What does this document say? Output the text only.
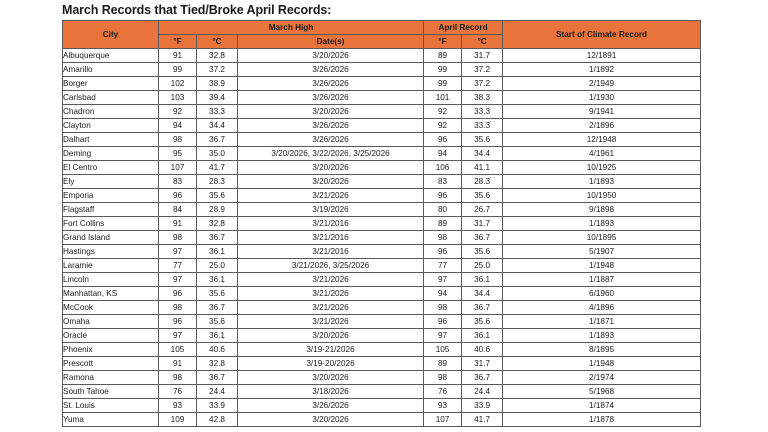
March Records that Tied/Broke April Records:
City	March High			April Record		Start of Climate Record
	°F	°C	Date(s)	°F	°C	
Albuquerque	91	32.8	3/20/2026	89	31.7	12/1891
Amarillo	99	37.2	3/26/2026	99	37.2	1/1892
Borger	102	38.9	3/26/2026	99	37.2	2/1949
Carlsbad	103	39.4	3/26/2026	101	38.3	1/1930
Chadron	92	33.3	3/20/2026	92	33.3	9/1941
Clayton	94	34.4	3/26/2026	92	33.3	2/1896
Dalhart	98	36.7	3/26/2026	96	35.6	12/1948
Deming	95	35.0	3/20/2026, 3/22/2026, 3/25/2026	94	34.4	4/1961
El Centro	107	41.7	3/20/2026	106	41.1	10/1925
Ely	83	28.3	3/20/2026	83	28.3	1/1893
Emporia	96	35.6	3/21/2026	96	35.6	10/1950
Flagstaff	84	28.9	3/19/2026	80	26.7	9/1898
Fort Collins	91	32.8	3/21/2016	89	31.7	1/1893
Grand Island	98	36.7	3/21/2016	98	36.7	10/1895
Hastings	97	36.1	3/21/2016	96	35.6	5/1907
Laramie	77	25.0	3/21/2026, 3/25/2026	77	25.0	1/1948
Lincoln	97	36.1	3/21/2026	97	36.1	1/1887
Manhattan, KS	96	35.6	3/21/2026	94	34.4	6/1960
McCook	98	36.7	3/21/2026	98	36.7	4/1896
Omaha	96	35.6	3/21/2026	96	35.6	1/1871
Oracle	97	36.1	3/20/2026	97	36.1	1/1893
Phoenix	105	40.6	3/19-21/2026	105	40.6	8/1895
Prescott	91	32.8	3/19-20/2026	89	31.7	1/1948
Ramona	98	36.7	3/20/2026	98	36.7	2/1974
South Tahoe	76	24.4	3/18/2026	76	24.4	5/1968
St. Louis	93	33.9	3/26/2026	93	33.9	1/1874
Yuma	109	42.8	3/20/2026	107	41.7	1/1878
